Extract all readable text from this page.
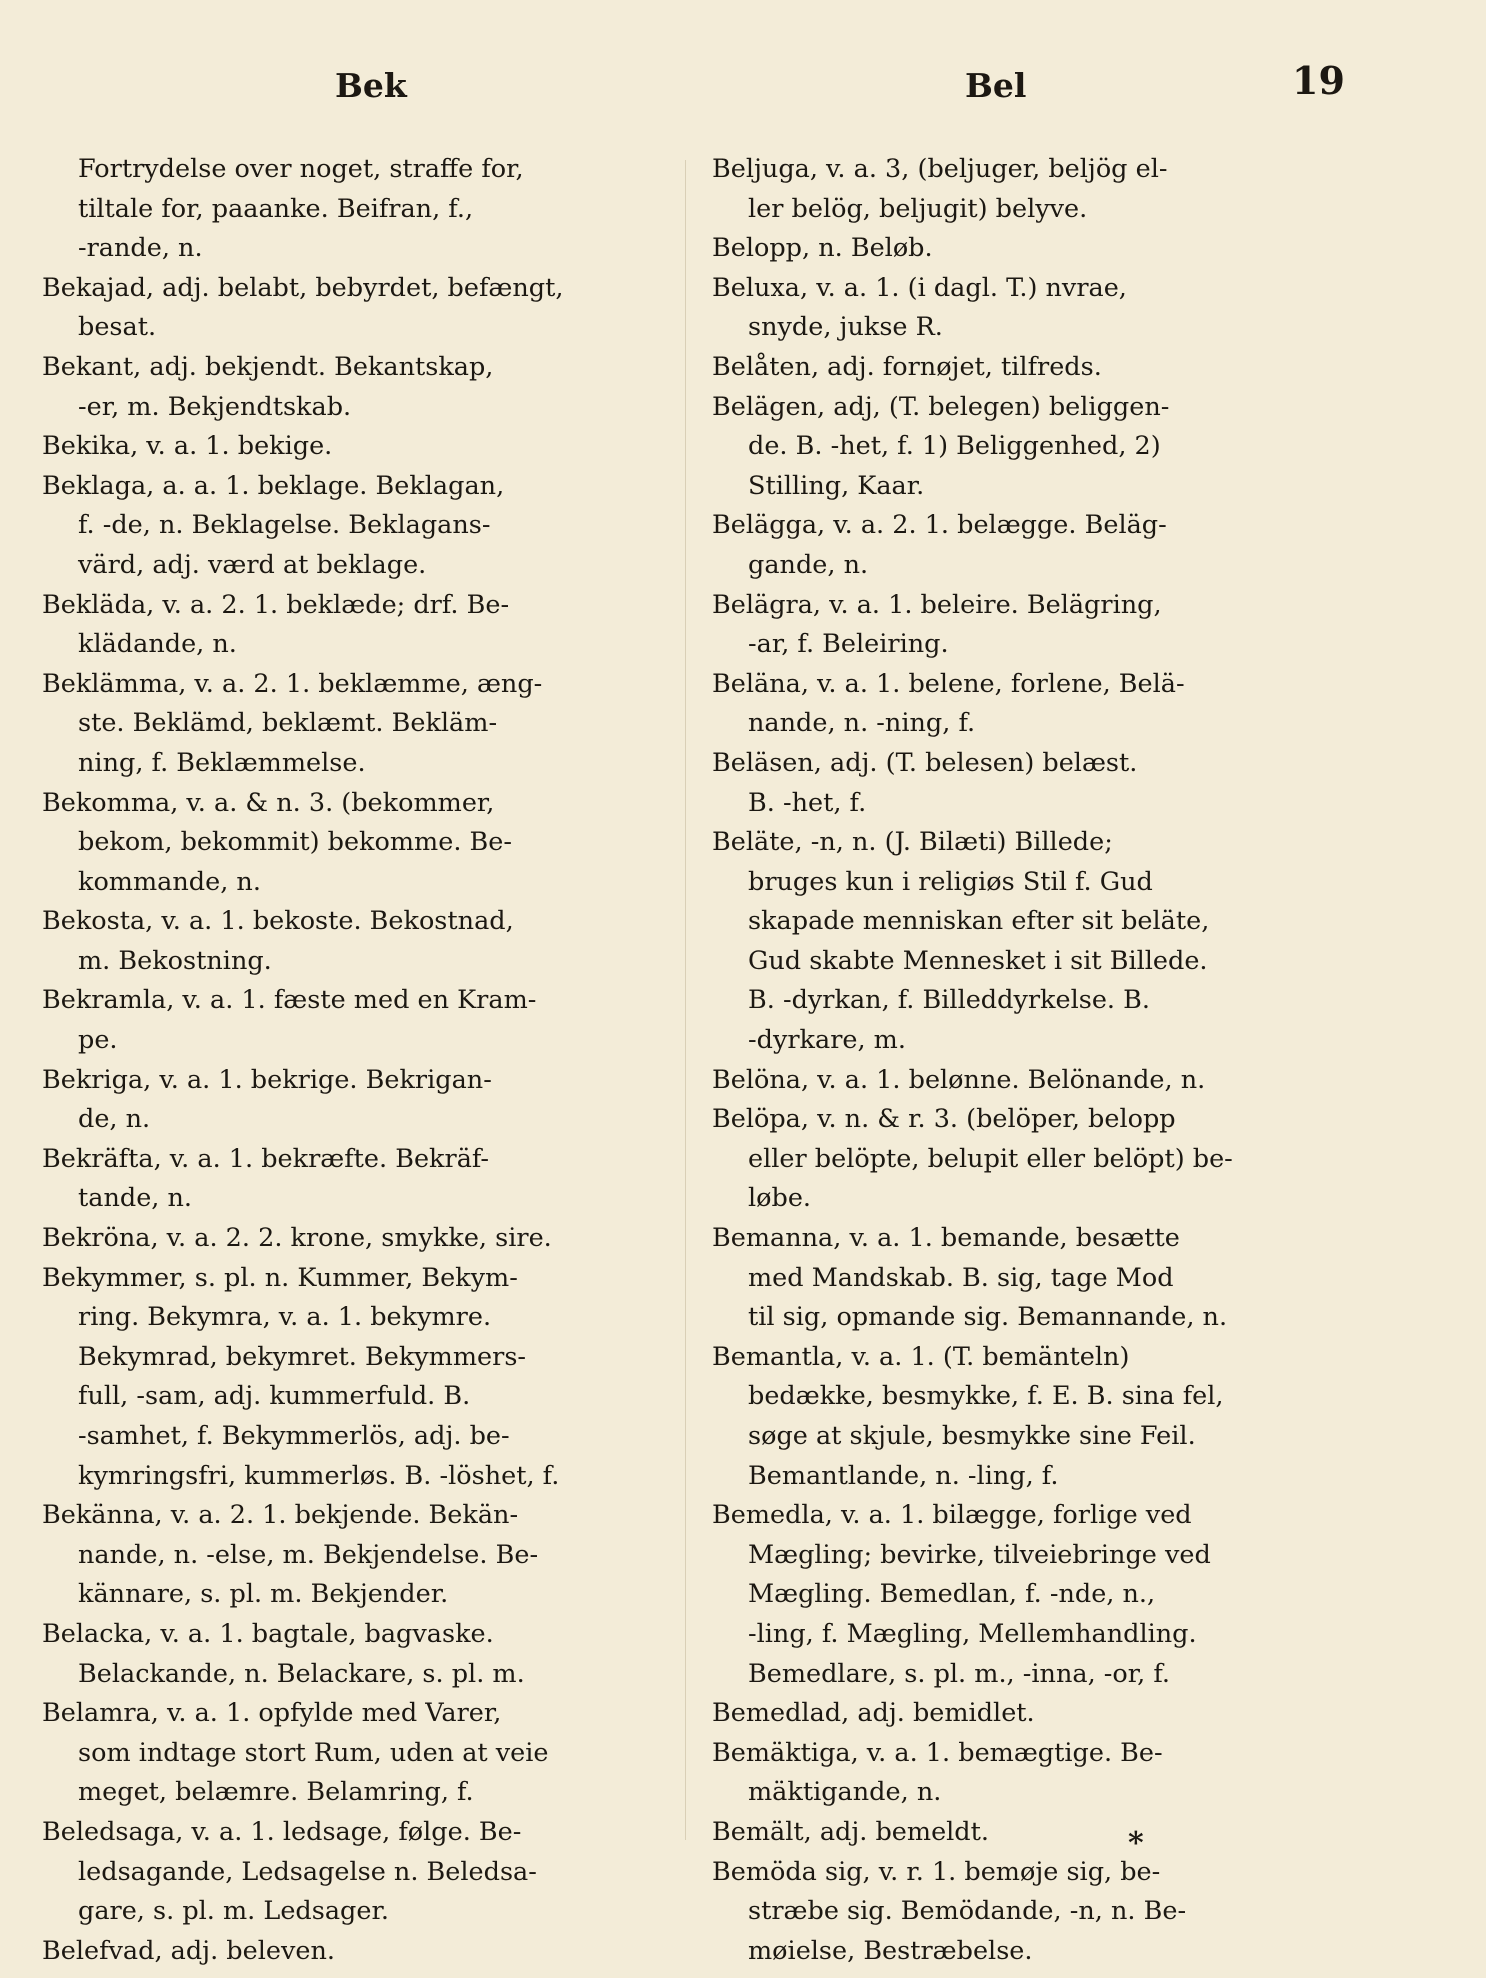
Bek	Bel	19
Fortrydelse over noget, straffe for,
tiltale for, paaanke. Beifran, f.,
-rande, n.
Bekajad, adj. belabt, bebyrdet, befængt,
besat.
Bekant, adj. bekjendt. Bekantskap,
-er, m. Bekjendtskab.
Bekika, v. a. 1. bekige.
Beklaga, a. a. 1. beklage. Beklagan,
f. -de, n. Beklagelse. Beklagans-
värd, adj. værd at beklage.
Bekläda, v. a. 2. 1. beklæde; drf. Be-
klädande, n.
Beklämma, v. a. 2. 1. beklæmme, æng-
ste. Beklämd, beklæmt. Bekläm-
ning, f. Beklæmmelse.
Bekomma, v. a. & n. 3. (bekommer,
bekom, bekommit) bekomme. Be-
kommande, n.
Bekosta, v. a. 1. bekoste. Bekostnad,
m. Bekostning.
Bekramla, v. a. 1. fæste med en Kram-
pe.
Bekriga, v. a. 1. bekrige. Bekrigan-
de, n.
Bekräfta, v. a. 1. bekræfte. Bekräf-
tande, n.
Bekröna, v. a. 2. 2. krone, smykke, sire.
Bekymmer, s. pl. n. Kummer, Bekym-
ring. Bekymra, v. a. 1. bekymre.
Bekymrad, bekymret. Bekymmers-
full, -sam, adj. kummerfuld. B.
-samhet, f. Bekymmerlös, adj. be-
kymringsfri, kummerløs. B. -löshet, f.
Bekänna, v. a. 2. 1. bekjende. Bekän-
nande, n. -else, m. Bekjendelse. Be-
kännare, s. pl. m. Bekjender.
Belacka, v. a. 1. bagtale, bagvaske.
Belackande, n. Belackare, s. pl. m.
Belamra, v. a. 1. opfylde med Varer,
som indtage stort Rum, uden at veie
meget, belæmre. Belamring, f.
Beledsaga, v. a. 1. ledsage, følge. Be-
ledsagande, Ledsagelse n. Beledsa-
gare, s. pl. m. Ledsager.
Belefvad, adj. beleven.
Beljuga, v. a. 3, (beljuger, beljög el-
ler belög, beljugit) belyve.
Belopp, n. Beløb.
Beluxa, v. a. 1. (i dagl. T.) nvrae,
snyde, jukse R.
Belåten, adj. fornøjet, tilfreds.
Belägen, adj, (T. belegen) beliggen-
de. B. -het, f. 1) Beliggenhed, 2)
Stilling, Kaar.
Belägga, v. a. 2. 1. belægge. Beläg-
gande, n.
Belägra, v. a. 1. beleire. Belägring,
-ar, f. Beleiring.
Beläna, v. a. 1. belene, forlene, Belä-
nande, n. -ning, f.
Beläsen, adj. (T. belesen) belæst.
B. -het, f.
Beläte, -n, n. (J. Bilæti) Billede;
bruges kun i religiøs Stil f. Gud
skapade menniskan efter sit beläte,
Gud skabte Mennesket i sit Billede.
B. -dyrkan, f. Billeddyrkelse. B.
-dyrkare, m.
Belöna, v. a. 1. belønne. Belönande, n.
Belöpa, v. n. & r. 3. (belöper, belopp
eller belöpte, belupit eller belöpt) be-
løbe.
Bemanna, v. a. 1. bemande, besætte
med Mandskab. B. sig, tage Mod
til sig, opmande sig. Bemannande, n.
Bemantla, v. a. 1. (T. bemänteln)
bedække, besmykke, f. E. B. sina fel,
søge at skjule, besmykke sine Feil.
Bemantlande, n. -ling, f.
Bemedla, v. a. 1. bilægge, forlige ved
Mægling; bevirke, tilveiebringe ved
Mægling. Bemedlan, f. -nde, n.,
-ling, f. Mægling, Mellemhandling.
Bemedlare, s. pl. m., -inna, -or, f.
Bemedlad, adj. bemidlet.
Bemäktiga, v. a. 1. bemægtige. Be-
mäktigande, n.
Bemält, adj. bemeldt.
Bemöda sig, v. r. 1. bemøje sig, be-
stræbe sig. Bemödande, -n, n. Be-
møielse, Bestræbelse.
*
